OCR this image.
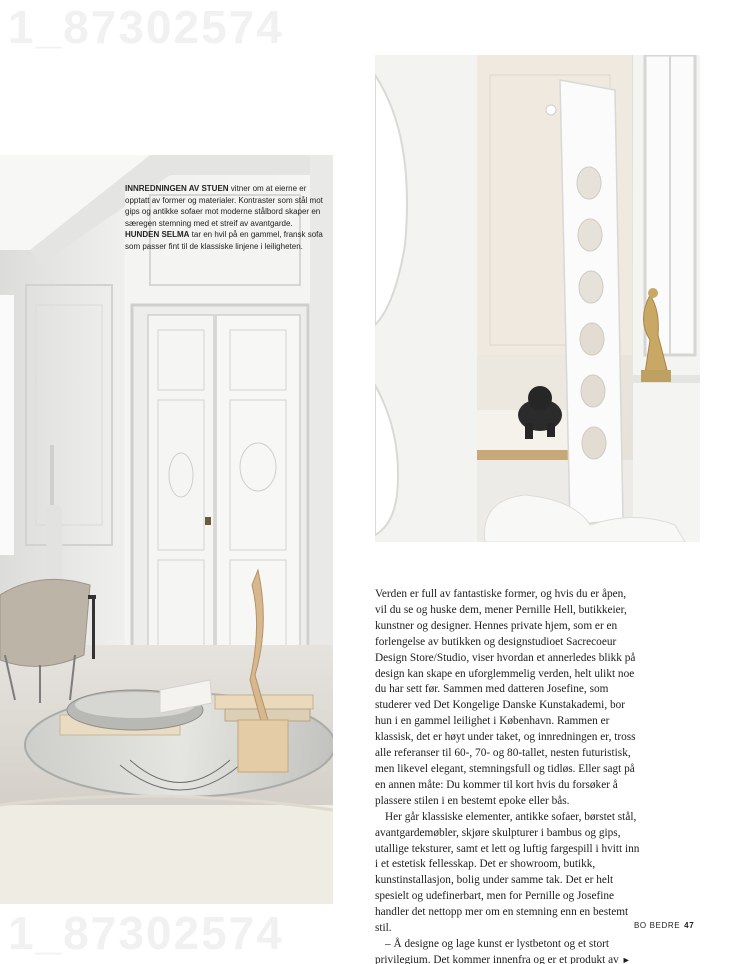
1_87302574
INNREDNINGEN AV STUEN vitner om at eierne er opptatt av former og materialer. Kontraster som stål mot gips og antikke sofaer mot moderne stålbord skaper en særegen stemning med et streif av avantgarde. HUNDEN SELMA tar en hvil på en gammel, fransk sofa som passer fint til de klassiske linjene i leiligheten.

Verden er full av fantastiske former, og hvis du er åpen, vil du se og huske dem, mener Pernille Hell, butikkeier, kunstner og designer. Hennes private hjem, som er en forlengelse av butikken og designstudioet Sacrecoeur Design Store/Studio, viser hvordan et annerledes blikk på design kan skape en uforglemmelig verden, helt ulikt noe du har sett før. Sammen med datteren Josefine, som studerer ved Det Kongelige Danske Kunstakademi, bor hun i en gammel leilighet i København. Rammen er klassisk, det er høyt under taket, og innredningen er, tross alle referanser til 60-, 70- og 80-tallet, nesten futuristisk, men likevel elegant, stemningsfull og tidløs. Eller sagt på en annen måte: Du kommer til kort hvis du forsøker å plassere stilen i en bestemt epoke eller bås.

Her går klassiske elementer, antikke sofaer, børstet stål, avantgardemøbler, skjøre skulpturer i bambus og gips, utallige teksturer, samt et lett og luftig fargespill i hvitt inn i et estetisk fellesskap. Det er showroom, butikk, kunstinstallasjon, bolig under samme tak. Det er helt spesielt og udefinerbart, men for Pernille og Josefine handler det nettopp mer om en stemning enn en bestemt stil.

– Å designe og lage kunst er lystbetont og et stort privilegium. Det kommer innenfra og er et produkt av ►

1_87302574	BO BEDRE 47
